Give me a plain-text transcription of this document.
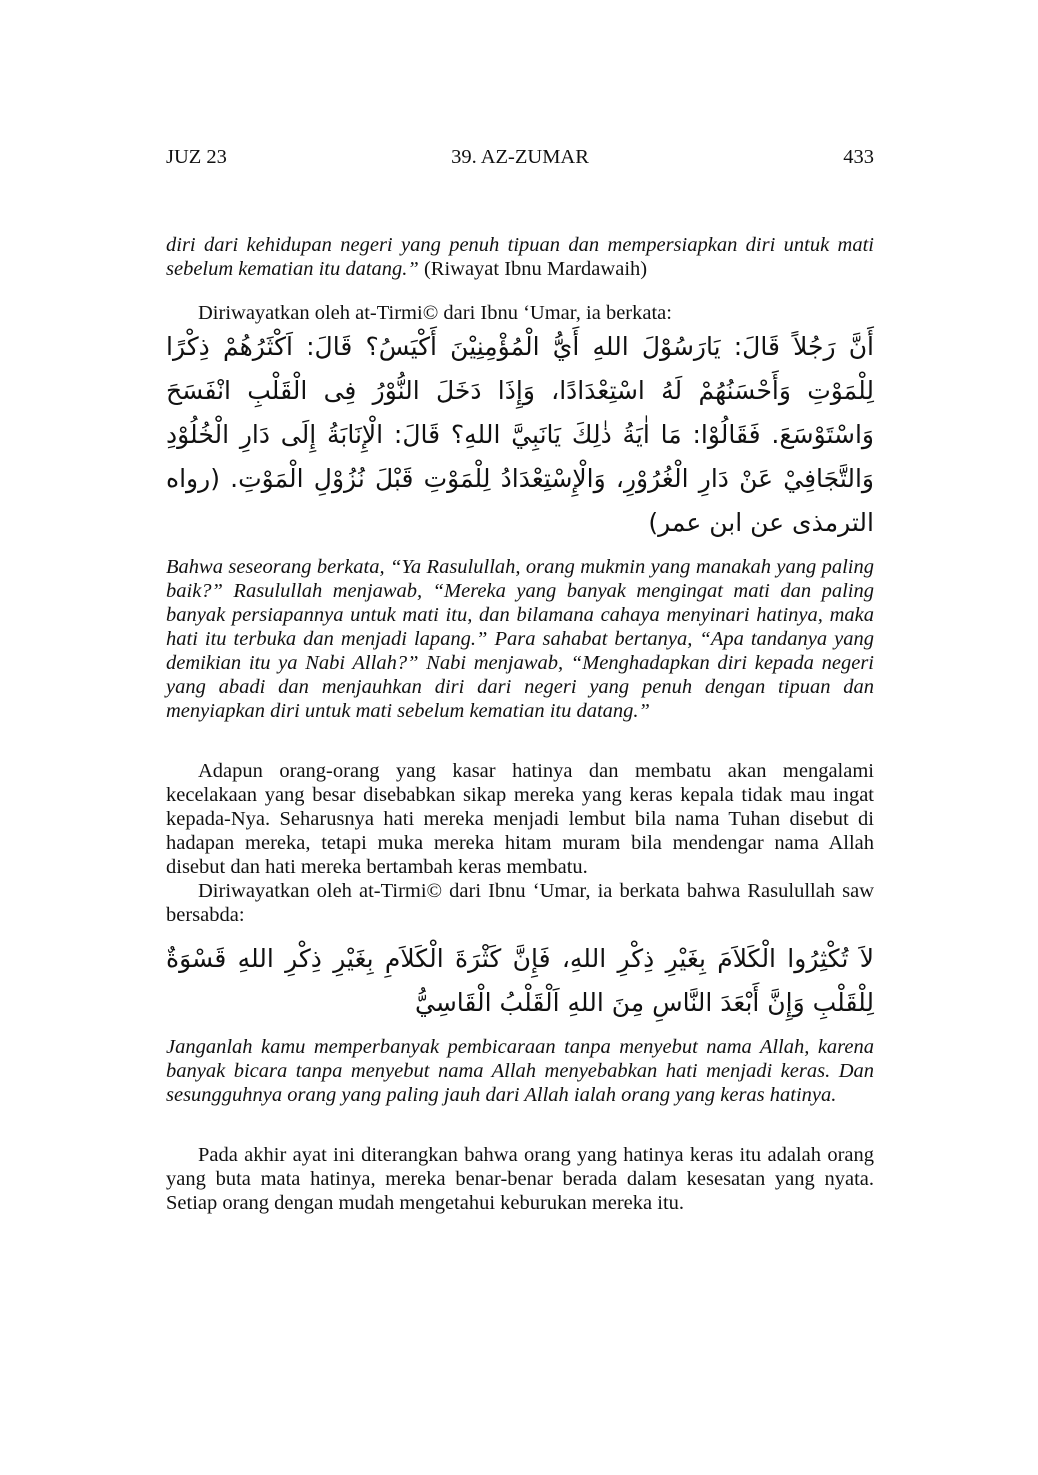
JUZ 23	39. AZ-ZUMAR	433

diri dari kehidupan negeri yang penuh tipuan dan mempersiapkan diri untuk mati sebelum kematian itu datang.” (Riwayat Ibnu Mardawaih)

Diriwayatkan oleh at-Tirmi© dari Ibnu ‘Umar, ia berkata:

أَنَّ رَجُلاً قَالَ: يَارَسُوْلَ اللهِ أَيُّ الْمُؤْمِنِيْنَ أَكْيَسُ؟ قَالَ: اَكْثَرُهُمْ ذِكْرًا لِلْمَوْتِ وَأَحْسَنُهُمْ لَهُ اسْتِعْدَادًا، وَإِذَا دَخَلَ النُّوْرُ فِى الْقَلْبِ انْفَسَحَ وَاسْتَوْسَعَ. فَقَالُوْا: مَا اٰيَةُ ذٰلِكَ يَانَبِيَّ اللهِ؟ قَالَ: الْإِنَابَةُ إِلَى دَارِ الْخُلُوْدِ وَالتَّجَافِيْ عَنْ دَارِ الْغُرُوْرِ، وَالْإِسْتِعْدَادُ لِلْمَوْتِ قَبْلَ نُزُوْلِ الْمَوْتِ. (رواه الترمذى عن ابن عمر)

Bahwa seseorang berkata, “Ya Rasulullah, orang mukmin yang manakah yang paling baik?” Rasulullah menjawab, “Mereka yang banyak mengingat mati dan paling banyak persiapannya untuk mati itu, dan bilamana cahaya menyinari hatinya, maka hati itu terbuka dan menjadi lapang.” Para sahabat bertanya, “Apa tandanya yang demikian itu ya Nabi Allah?” Nabi menjawab, “Menghadapkan diri kepada negeri yang abadi dan menjauhkan diri dari negeri yang penuh dengan tipuan dan menyiapkan diri untuk mati sebelum kematian itu datang.”

Adapun orang-orang yang kasar hatinya dan membatu akan mengalami kecelakaan yang besar disebabkan sikap mereka yang keras kepala tidak mau ingat kepada-Nya. Seharusnya hati mereka menjadi lembut bila nama Tuhan disebut di hadapan mereka, tetapi muka mereka hitam muram bila mendengar nama Allah disebut dan hati mereka bertambah keras membatu.

Diriwayatkan oleh at-Tirmi© dari Ibnu ‘Umar, ia berkata bahwa Rasulullah saw bersabda:

لاَ تُكْثِرُوا الْكَلاَمَ بِغَيْرِ ذِكْرِ اللهِ، فَإِنَّ كَثْرَةَ الْكَلاَمِ بِغَيْرِ ذِكْرِ اللهِ قَسْوَةٌ لِلْقَلْبِ وَإِنَّ أَبْعَدَ النَّاسِ مِنَ اللهِ اَلْقَلْبُ الْقَاسِيُّ

Janganlah kamu memperbanyak pembicaraan tanpa menyebut nama Allah, karena banyak bicara tanpa menyebut nama Allah menyebabkan hati menjadi keras. Dan sesungguhnya orang yang paling jauh dari Allah ialah orang yang keras hatinya.

Pada akhir ayat ini diterangkan bahwa orang yang hatinya keras itu adalah orang yang buta mata hatinya, mereka benar-benar berada dalam kesesatan yang nyata. Setiap orang dengan mudah mengetahui keburukan mereka itu.
